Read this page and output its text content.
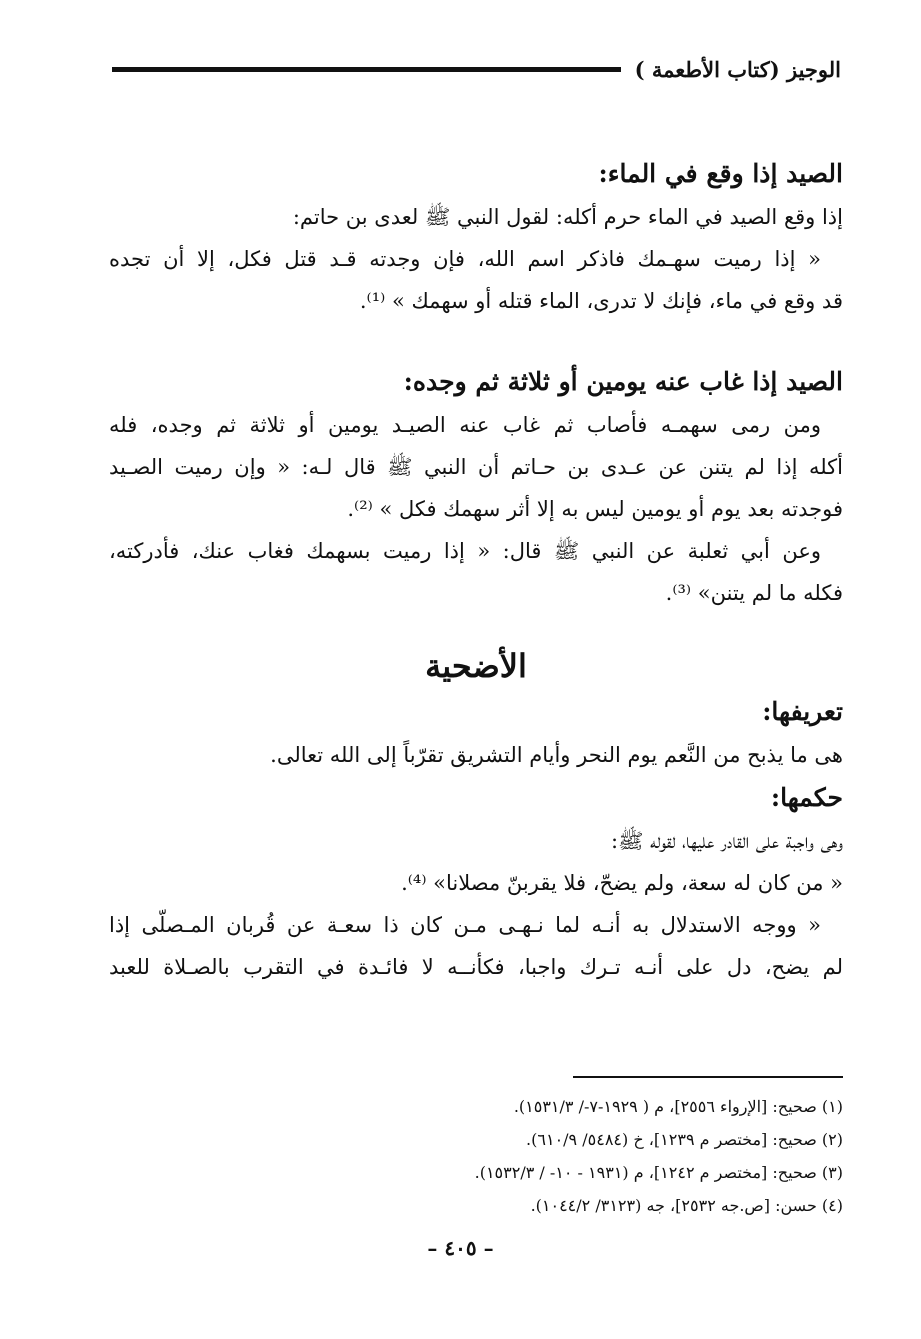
الوجيز (كتاب الأطعمة )

الصيد إذا وقع في الماء:

إذا وقع الصيد في الماء حرم أكله: لقول النبي ﷺ لعدى بن حاتم:

« إذا رميت سهـمك فاذكر اسم الله، فإن وجدته قـد قتل فكل، إلا أن تجده

قد وقع في ماء، فإنك لا تدرى، الماء قتله أو سهمك » ⁽¹⁾.

الصيد إذا غاب عنه يومين أو ثلاثة ثم وجده:

ومن رمى سهمـه فأصاب ثم غاب عنه الصيـد يومين أو ثلاثة ثم وجده، فله

أكله إذا لم يتنن عن عـدى بن حـاتم أن النبي ﷺ قال لـه: « وإن رميت الصـيد

فوجدته بعد يوم أو يومين ليس به إلا أثر سهمك فكل » ⁽²⁾.

وعن أبي ثعلبة عن النبي ﷺ قال: « إذا رميت بسهمك فغاب عنك، فأدركته،

فكله ما لم يتنن» ⁽³⁾.

الأضحية

تعريفها:

هى ما يذبح من النَّعم يوم النحر وأيام التشريق تقرّباً إلى الله تعالى.

حكمها:

وهى واجبة على القادر عليها، لقوله ﷺ:

« من كان له سعة، ولم يضحّ، فلا يقربنّ مصلانا» ⁽⁴⁾.

« ووجه الاستدلال به أنـه لما نـهـى مـن كان ذا سعـة عن قُربان المـصلّى إذا

لم يضح، دل على أنـه تـرك واجبا، فكأنــه لا فائـدة في التقرب بالصـلاة للعبد

(١) صحيح: [الإرواء ٢٥٥٦]، م ( ١٩٢٩-٧-/ ١٥٣١/٣).

(٢) صحيح: [مختصر م ١٢٣٩]، خ (٥٤٨٤/ ٦١٠/٩).

(٣) صحيح: [مختصر م ١٢٤٢]، م (١٩٣١ - ١٠- / ١٥٣٢/٣).

(٤) حسن: [ص.جه ٢٥٣٢]، جه (٣١٢٣/ ١٠٤٤/٢).

– ٤٠٥ –
